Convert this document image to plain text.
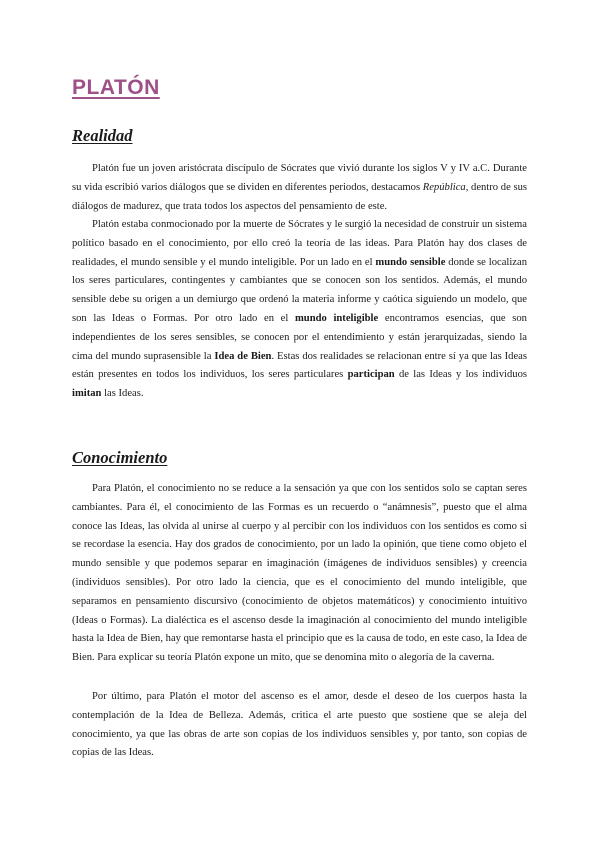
PLATÓN
Realidad

Platón fue un joven aristócrata discípulo de Sócrates que vivió durante los siglos V y IV a.C. Durante su vida escribió varios diálogos que se dividen en diferentes periodos, destacamos República, dentro de sus diálogos de madurez, que trata todos los aspectos del pensamiento de este.

Platón estaba conmocionado por la muerte de Sócrates y le surgió la necesidad de construir un sistema político basado en el conocimiento, por ello creó la teoría de las ideas. Para Platón hay dos clases de realidades, el mundo sensible y el mundo inteligible. Por un lado en el mundo sensible donde se localizan los seres particulares, contingentes y cambiantes que se conocen son los sentidos. Además, el mundo sensible debe su origen a un demiurgo que ordenó la materia informe y caótica siguiendo un modelo, que son las Ideas o Formas. Por otro lado en el mundo inteligible encontramos esencias, que son independientes de los seres sensibles, se conocen por el entendimiento y están jerarquizadas, siendo la cima del mundo suprasensible la Idea de Bien. Estas dos realidades se relacionan entre sí ya que las Ideas están presentes en todos los individuos, los seres particulares participan de las Ideas y los individuos imitan las Ideas.

Conocimiento

Para Platón, el conocimiento no se reduce a la sensación ya que con los sentidos solo se captan seres cambiantes. Para él, el conocimiento de las Formas es un recuerdo o “anámnesis”, puesto que el alma conoce las Ideas, las olvida al unirse al cuerpo y al percibir con los individuos con los sentidos es como si se recordase la esencia. Hay dos grados de conocimiento, por un lado la opinión, que tiene como objeto el mundo sensible y que podemos separar en imaginación (imágenes de individuos sensibles) y creencia (individuos sensibles). Por otro lado la ciencia, que es el conocimiento del mundo inteligible, que separamos en pensamiento discursivo (conocimiento de objetos matemáticos) y conocimiento intuitivo (Ideas o Formas). La dialéctica es el ascenso desde la imaginación al conocimiento del mundo inteligible hasta la Idea de Bien, hay que remontarse hasta el principio que es la causa de todo, en este caso, la Idea de Bien. Para explicar su teoría Platón expone un mito, que se denomina mito o alegoría de la caverna.

Por último, para Platón el motor del ascenso es el amor, desde el deseo de los cuerpos hasta la contemplación de la Idea de Belleza. Además, critica el arte puesto que sostiene que se aleja del conocimiento, ya que las obras de arte son copias de los individuos sensibles y, por tanto, son copias de copias de las Ideas.
